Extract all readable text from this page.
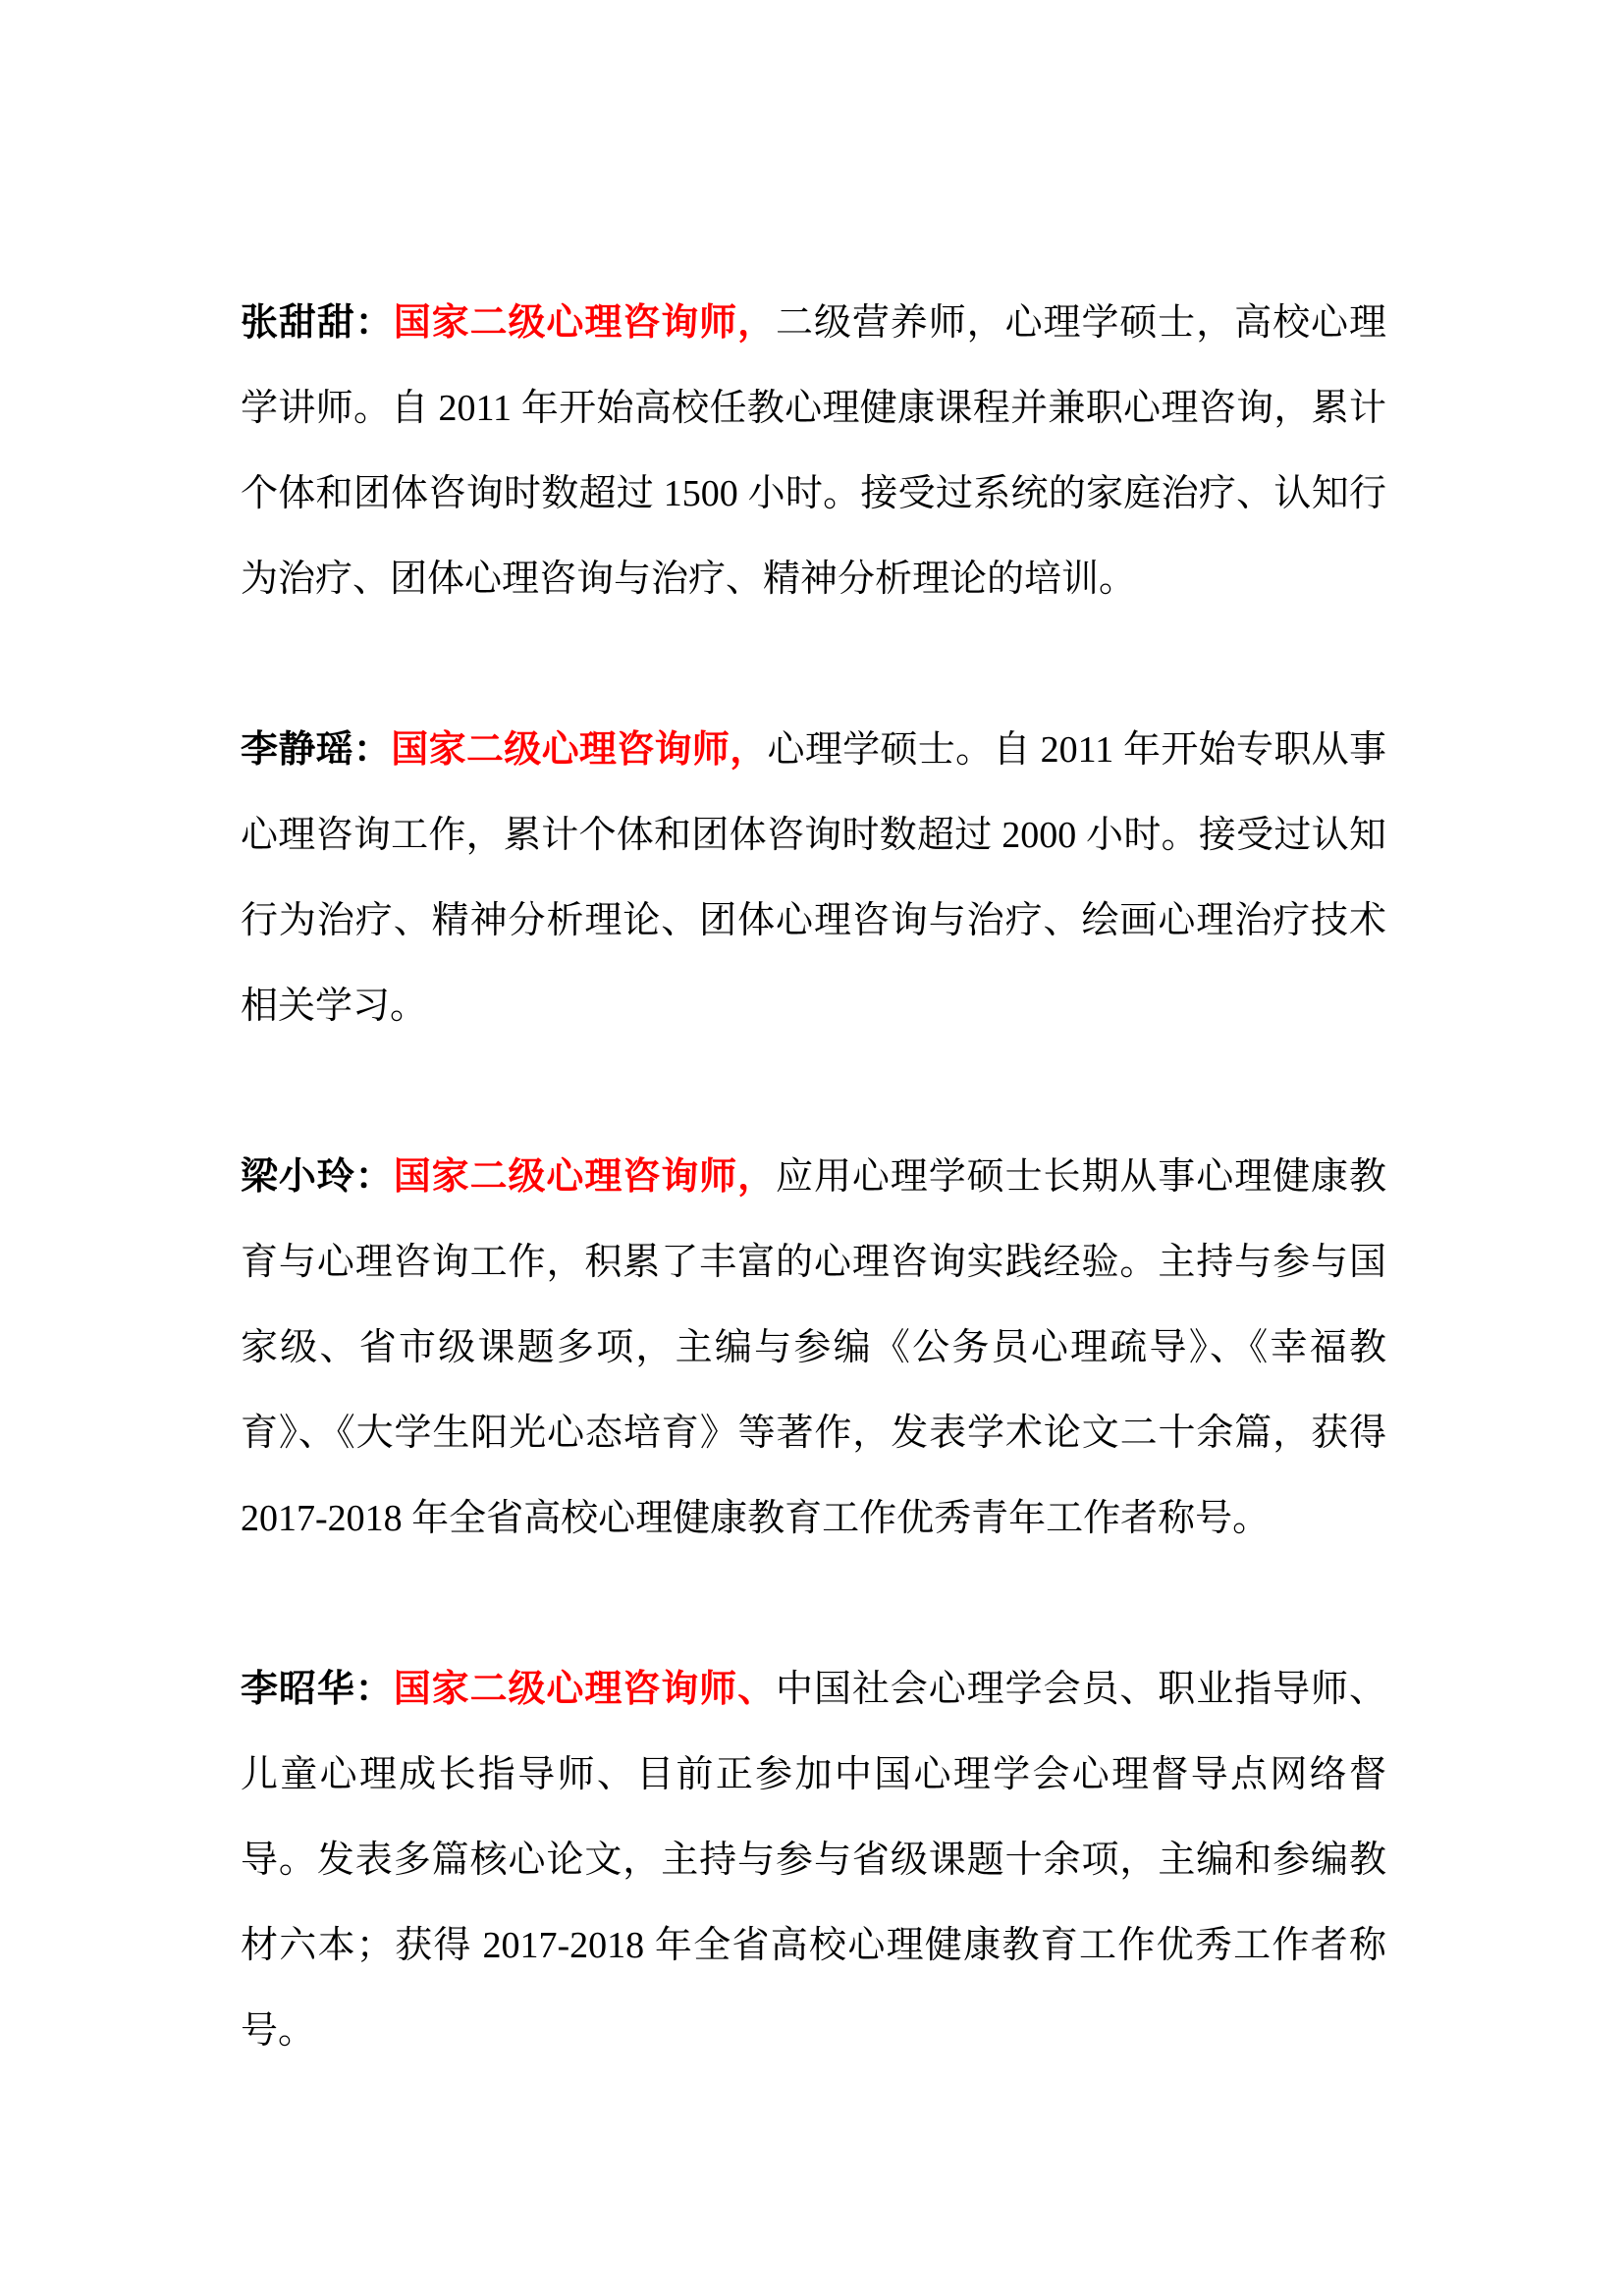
张甜甜：国家二级心理咨询师，二级营养师，心理学硕士，高校心理学讲师。自 2011 年开始高校任教心理健康课程并兼职心理咨询，累计个体和团体咨询时数超过 1500 小时。接受过系统的家庭治疗、认知行为治疗、团体心理咨询与治疗、精神分析理论的培训。

李静瑶：国家二级心理咨询师，心理学硕士。自 2011 年开始专职从事心理咨询工作，累计个体和团体咨询时数超过 2000 小时。接受过认知行为治疗、精神分析理论、团体心理咨询与治疗、绘画心理治疗技术相关学习。

梁小玲：国家二级心理咨询师，应用心理学硕士长期从事心理健康教育与心理咨询工作，积累了丰富的心理咨询实践经验。主持与参与国家级、省市级课题多项，主编与参编《公务员心理疏导》、《幸福教育》、《大学生阳光心态培育》等著作，发表学术论文二十余篇，获得 2017-2018 年全省高校心理健康教育工作优秀青年工作者称号。

李昭华：国家二级心理咨询师、中国社会心理学会员、职业指导师、儿童心理成长指导师、目前正参加中国心理学会心理督导点网络督导。发表多篇核心论文，主持与参与省级课题十余项，主编和参编教材六本；获得 2017-2018 年全省高校心理健康教育工作优秀工作者称号。
